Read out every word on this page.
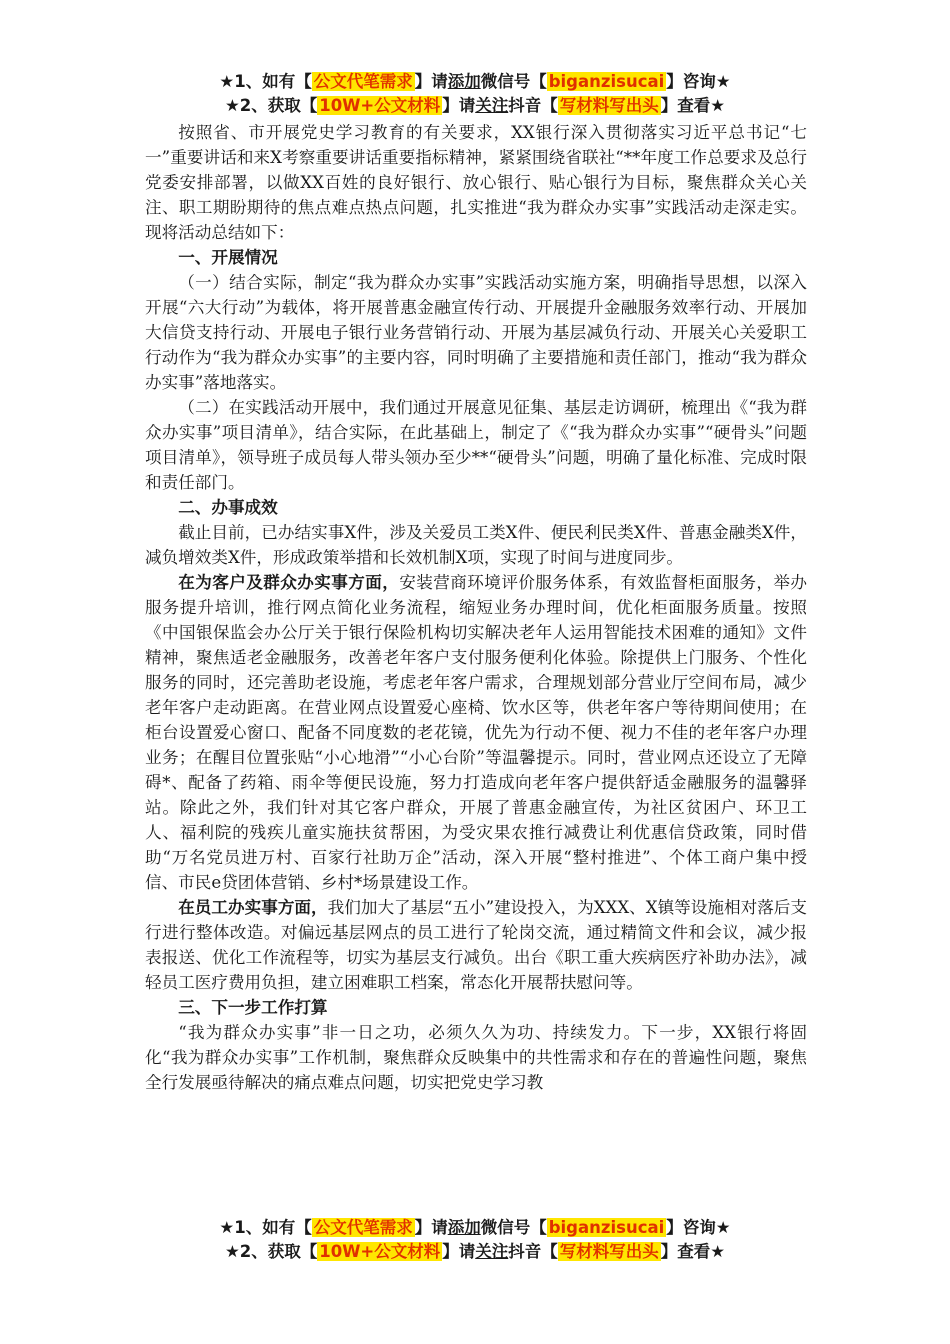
★1、如有【 公文代笔需求 】请添加微信号【 biganzisucai 】咨询★
★2、获取【 10W+公文材料 】请关注抖音【 写材料写出头 】查看★

按照省、市开展党史学习教育的有关要求，XX银行深入贯彻落实习近平总书记“七一”重要讲话和来X考察重要讲话重要指标精神，紧紧围绕省联社“**年度工作总要求及总行党委安排部署，以做XX百姓的良好银行、放心银行、贴心银行为目标，聚焦群众关心关注、职工期盼期待的焦点难点热点问题，扎实推进“我为群众办实事”实践活动走深走实。现将活动总结如下：

一、开展情况

（一）结合实际，制定“我为群众办实事”实践活动实施方案，明确指导思想，以深入开展“六大行动”为载体，将开展普惠金融宣传行动、开展提升金融服务效率行动、开展加大信贷支持行动、开展电子银行业务营销行动、开展为基层减负行动、开展关心关爱职工行动作为“我为群众办实事”的主要内容，同时明确了主要措施和责任部门，推动“我为群众办实事”落地落实。

（二）在实践活动开展中，我们通过开展意见征集、基层走访调研，梳理出《“我为群众办实事”项目清单》，结合实际，在此基础上，制定了《“我为群众办实事”“硬骨头”问题项目清单》，领导班子成员每人带头领办至少**“硬骨头”问题，明确了量化标准、完成时限和责任部门。

二、办事成效

截止目前，已办结实事X件，涉及关爱员工类X件、便民利民类X件、普惠金融类X件，减负增效类X件，形成政策举措和长效机制X项，实现了时间与进度同步。

在为客户及群众办实事方面，安装营商环境评价服务体系，有效监督柜面服务，举办服务提升培训，推行网点简化业务流程，缩短业务办理时间，优化柜面服务质量。按照《中国银保监会办公厅关于银行保险机构切实解决老年人运用智能技术困难的通知》文件精神，聚焦适老金融服务，改善老年客户支付服务便利化体验。除提供上门服务、个性化服务的同时，还完善助老设施，考虑老年客户需求，合理规划部分营业厅空间布局，减少老年客户走动距离。在营业网点设置爱心座椅、饮水区等，供老年客户等待期间使用；在柜台设置爱心窗口、配备不同度数的老花镜，优先为行动不便、视力不佳的老年客户办理业务；在醒目位置张贴“小心地滑”“小心台阶”等温馨提示。同时，营业网点还设立了无障碍*、配备了药箱、雨伞等便民设施，努力打造成向老年客户提供舒适金融服务的温馨驿站。除此之外，我们针对其它客户群众，开展了普惠金融宣传，为社区贫困户、环卫工人、福利院的残疾儿童实施扶贫帮困，为受灾果农推行减费让利优惠信贷政策，同时借助“万名党员进万村、百家行社助万企”活动，深入开展“整村推进”、个体工商户集中授信、市民e贷团体营销、乡村*场景建设工作。

在员工办实事方面，我们加大了基层“五小”建设投入，为XXX、X镇等设施相对落后支行进行整体改造。对偏远基层网点的员工进行了轮岗交流，通过精简文件和会议，减少报表报送、优化工作流程等，切实为基层支行减负。出台《职工重大疾病医疗补助办法》，减轻员工医疗费用负担，建立困难职工档案，常态化开展帮扶慰问等。

三、下一步工作打算

“我为群众办实事”非一日之功，必须久久为功、持续发力。下一步，XX银行将固化“我为群众办实事”工作机制，聚焦群众反映集中的共性需求和存在的普遍性问题，聚焦全行发展亟待解决的痛点难点问题，切实把党史学习教

★1、如有【 公文代笔需求 】请添加微信号【 biganzisucai 】咨询★
★2、获取【 10W+公文材料 】请关注抖音【 写材料写出头 】查看★
